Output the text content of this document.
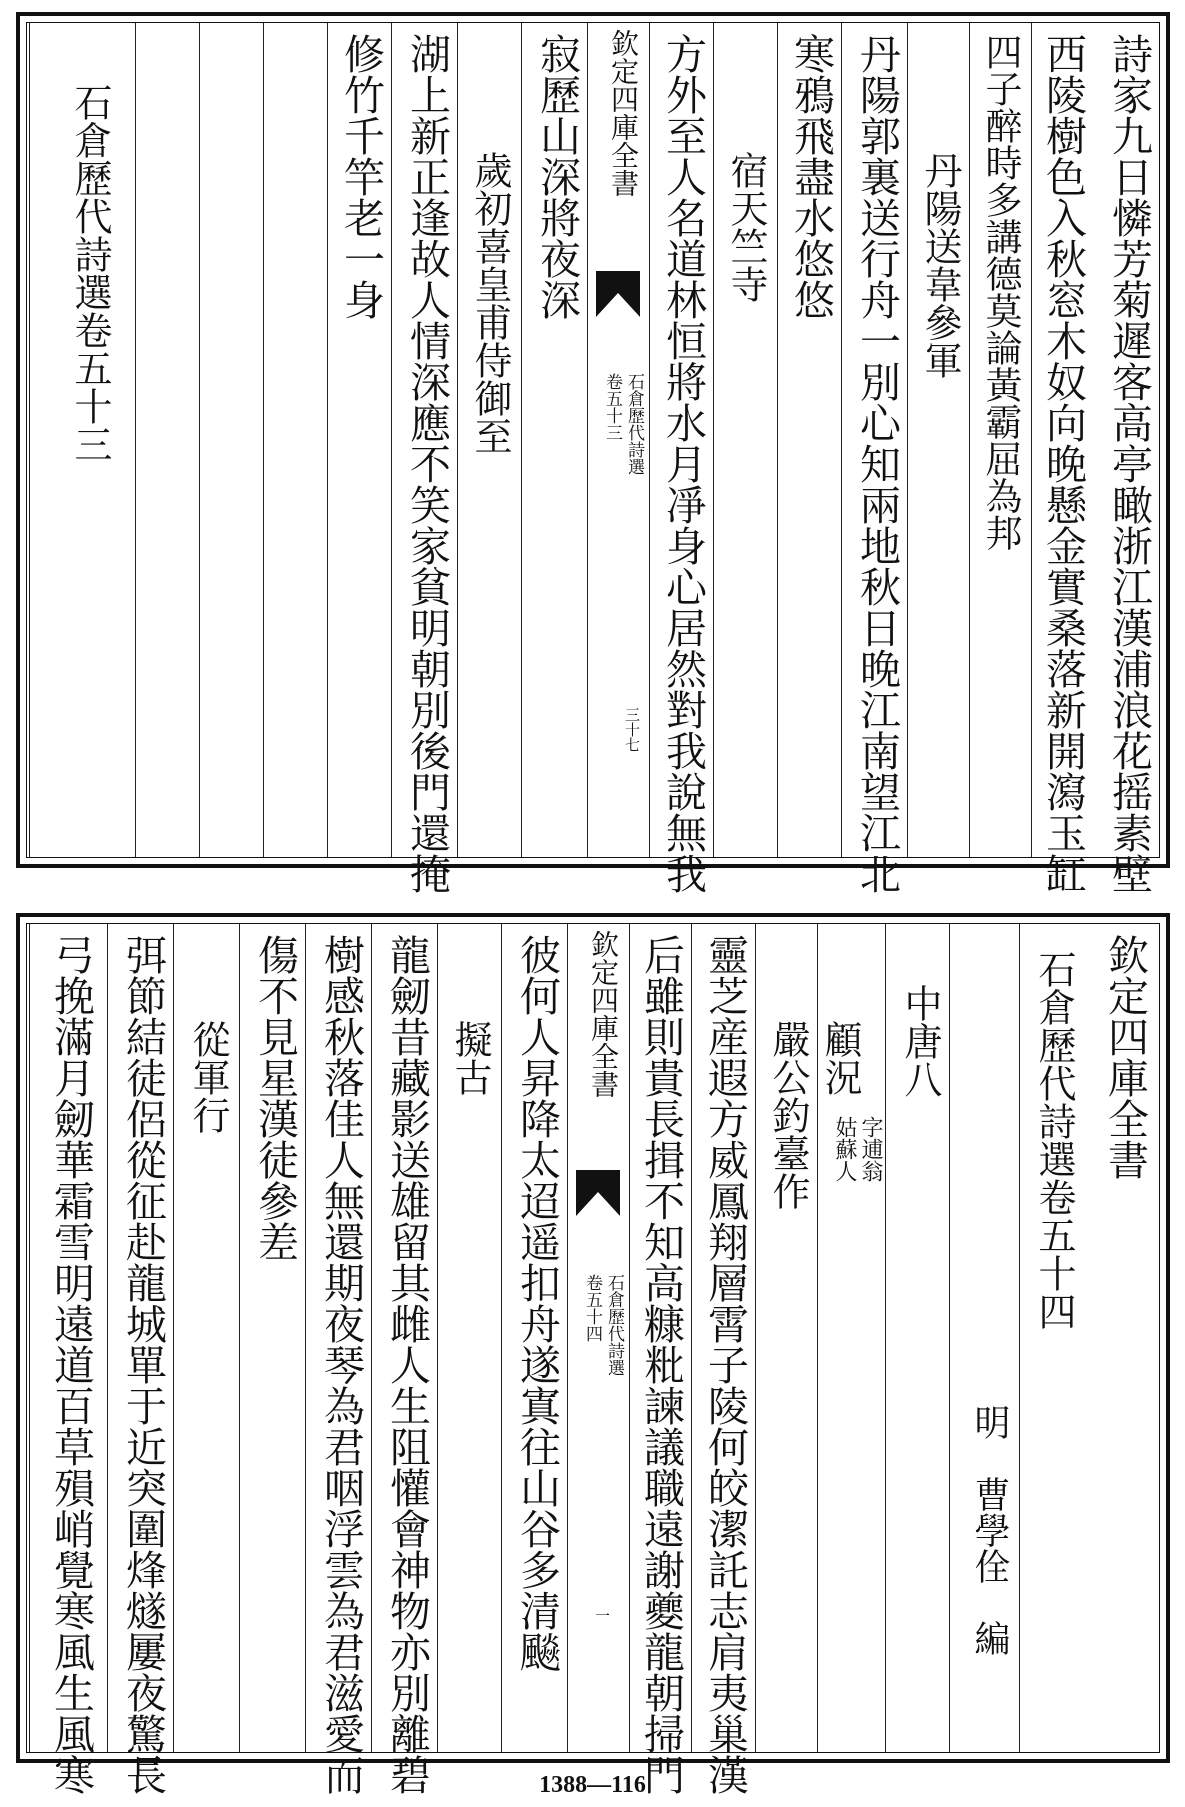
詩家九日憐芳菊遲客高亭瞰浙江漢浦浪花摇素壁
西陵樹色入秋窓木奴向晚懸金實桑落新開瀉玉缸
四子醉時多講德莫論黃霸屈為邦
丹陽送韋參軍
丹陽郭裏送行舟一別心知兩地秋日晚江南望江北
寒鴉飛盡水悠悠
宿天竺寺
方外至人名道林恒將水月凈身心居然對我說無我
欽定四庫全書
石倉歷代詩選
卷五十三
三十七
寂歷山深將夜深
歲初喜皇甫侍御至
湖上新正逢故人情深應不笑家貧明朝別後門還掩
修竹千竿老一身
石倉歷代詩選卷五十三
欽定四庫全書
石倉歷代詩選卷五十四
明　曹學佺　編
中唐八
顧況
字逋翁
姑蘇人
嚴公釣臺作
靈芝産遐方威鳳翔層霄子陵何皎潔託志肩夷巢漢
后雖則貴長揖不知高糠粃諫議職遠謝夔龍朝掃門
欽定四庫全書
石倉歷代詩選
卷五十四
一
彼何人昇降太迢遥扣舟遂寘往山谷多清飈
擬古
龍劒昔藏影送雄留其雌人生阻懽會神物亦別離碧
樹感秋落佳人無還期夜琴為君咽浮雲為君滋愛而
傷不見星漢徒參差
從軍行
弭節結徒侶從征赴龍城單于近突圍烽燧屢夜驚長
弓挽滿月劒華霜雪明遠道百草殞峭覺寒風生風寒	1388—116
